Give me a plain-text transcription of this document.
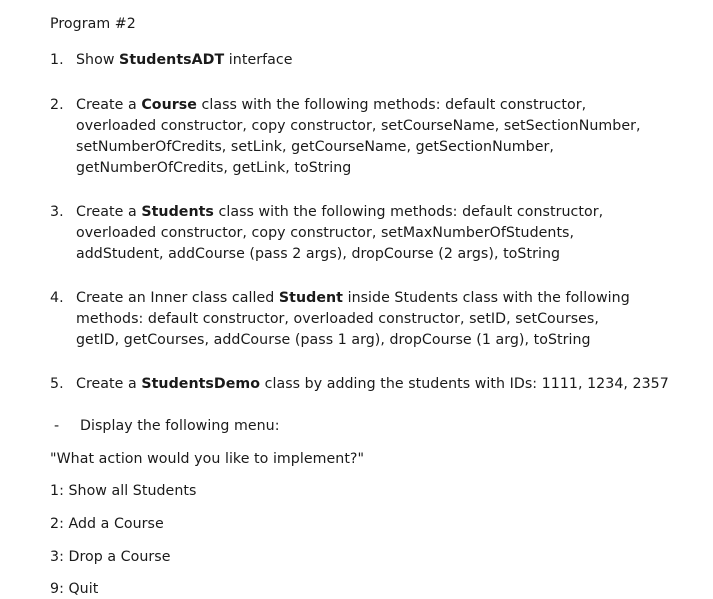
Program #2
1. Show StudentsADT interface
2. Create a Course class with the following methods: default constructor,
overloaded constructor, copy constructor, setCourseName, setSectionNumber,
setNumberOfCredits, setLink, getCourseName, getSectionNumber,
getNumberOfCredits, getLink, toString
3. Create a Students class with the following methods: default constructor,
overloaded constructor, copy constructor, setMaxNumberOfStudents,
addStudent, addCourse (pass 2 args), dropCourse (2 args), toString
4. Create an Inner class called Student inside Students class with the following
methods: default constructor, overloaded constructor, setID, setCourses,
getID, getCourses, addCourse (pass 1 arg), dropCourse (1 arg), toString
5. Create a StudentsDemo class by adding the students with IDs: 1111, 1234, 2357
- Display the following menu:
"What action would you like to implement?"
1: Show all Students
2: Add a Course
3: Drop a Course
9: Quit
